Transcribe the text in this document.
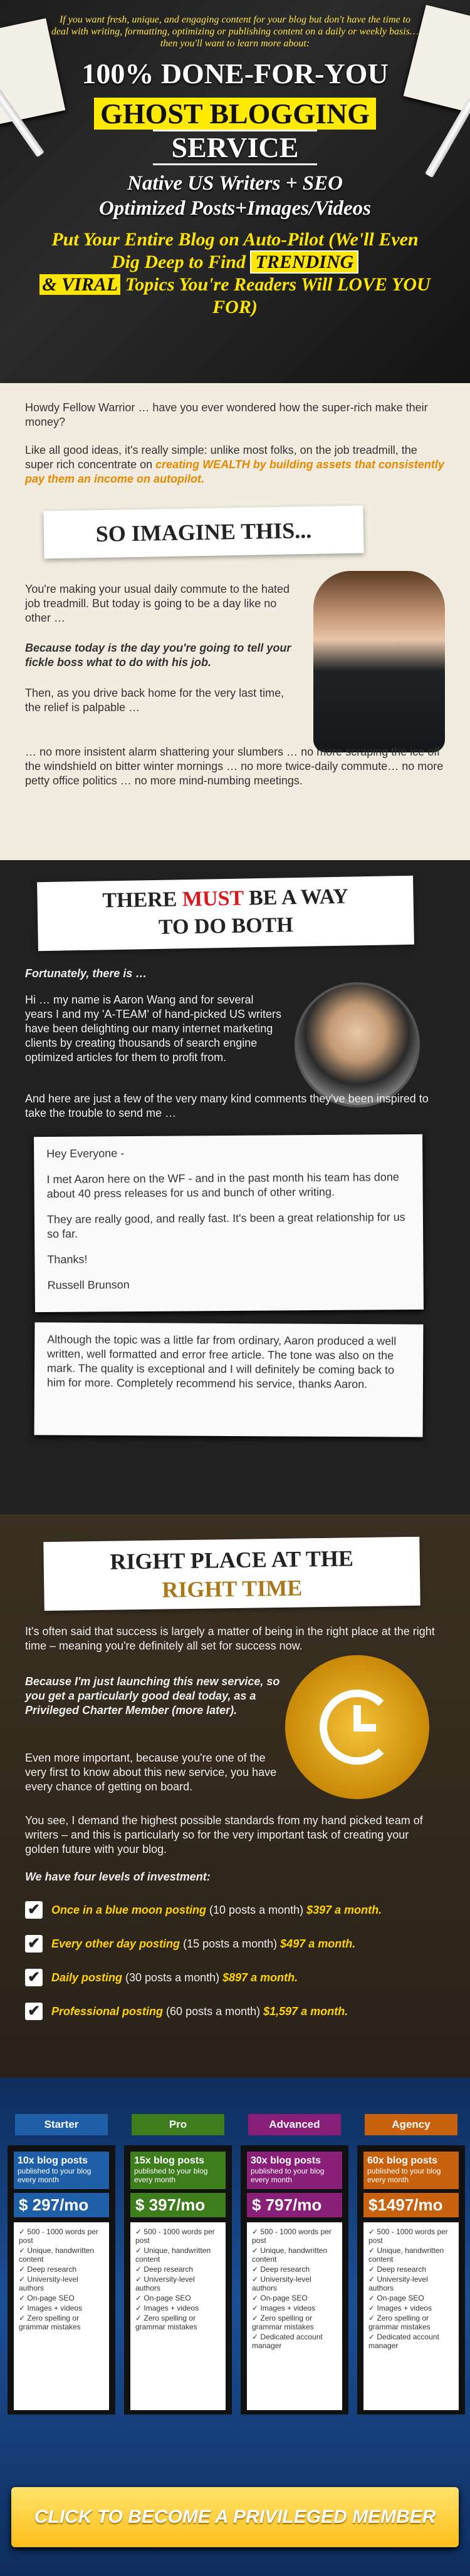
If you want fresh, unique, and engaging content for your blog but don't have the time to deal with writing, formatting, optimizing or publishing content on a daily or weekly basis…then you'll want to learn more about:

100% DONE-FOR-YOU
GHOST BLOGGING
SERVICE
Native US Writers + SEO
Optimized Posts+Images/Videos
Put Your Entire Blog on Auto-Pilot (We'll Even Dig Deep to Find TRENDING
& VIRAL Topics You're Readers Will LOVE YOU FOR)

Howdy Fellow Warrior … have you ever wondered how the super-rich make their money?

Like all good ideas, it's really simple: unlike most folks, on the job treadmill, the super rich concentrate on creating WEALTH by building assets that consistently pay them an income on autopilot.

SO IMAGINE THIS...

You're making your usual daily commute to the hated job treadmill. But today is going to be a day like no other …

Because today is the day you're going to tell your fickle boss what to do with his job.

Then, as you drive back home for the very last time, the relief is palpable …

… no more insistent alarm shattering your slumbers … no more scraping the ice off the windshield on bitter winter mornings … no more twice-daily commute… no more petty office politics … no more mind-numbing meetings.

THERE MUST BE A WAY
TO DO BOTH

Fortunately, there is …

Hi … my name is Aaron Wang and for several years I and my 'A-TEAM' of hand-picked US writers have been delighting our many internet marketing clients by creating thousands of search engine optimized articles for them to profit from.

And here are just a few of the very many kind comments they've been inspired to take the trouble to send me …

Hey Everyone -

I met Aaron here on the WF - and in the past month his team has done about 40 press releases for us and bunch of other writing.

They are really good, and really fast. It's been a great relationship for us so far.

Thanks!

Russell Brunson

Although the topic was a little far from ordinary, Aaron produced a well written, well formatted and error free article. The tone was also on the mark. The quality is exceptional and I will definitely be coming back to him for more. Completely recommend his service, thanks Aaron.

RIGHT PLACE AT THE
RIGHT TIME

It's often said that success is largely a matter of being in the right place at the right time – meaning you're definitely all set for success now.

Because I'm just launching this new service, so you get a particularly good deal today, as a Privileged Charter Member (more later).

Even more important, because you're one of the very first to know about this new service, you have every chance of getting on board.

You see, I demand the highest possible standards from my hand picked team of writers – and this is particularly so for the very important task of creating your golden future with your blog.

We have four levels of investment:

✔ Once in a blue moon posting (10 posts a month) $397 a month.
✔ Every other day posting (15 posts a month) $497 a month.
✔ Daily posting (30 posts a month) $897 a month.
✔ Professional posting (60 posts a month) $1,597 a month.
Starter
10x blog posts
published to your blog every month
$ 297/mo
✓ 500 - 1000 words per post
✓ Unique, handwritten content
✓ Deep research
✓ University-level authors
✓ On-page SEO
✓ Images + videos
✓ Zero spelling or grammar mistakes
Pro
15x blog posts
published to your blog every month
$ 397/mo
✓ 500 - 1000 words per post
✓ Unique, handwritten content
✓ Deep research
✓ University-level authors
✓ On-page SEO
✓ Images + videos
✓ Zero spelling or grammar mistakes
Advanced
30x blog posts
published to your blog every month
$ 797/mo
✓ 500 - 1000 words per post
✓ Unique, handwritten content
✓ Deep research
✓ University-level authors
✓ On-page SEO
✓ Images + videos
✓ Zero spelling or grammar mistakes
✓ Dedicated account manager
Agency
60x blog posts
published to your blog every month
$1497/mo
✓ 500 - 1000 words per post
✓ Unique, handwritten content
✓ Deep research
✓ University-level authors
✓ On-page SEO
✓ Images + videos
✓ Zero spelling or grammar mistakes
✓ Dedicated account manager
CLICK TO BECOME A PRIVILEGED MEMBER
